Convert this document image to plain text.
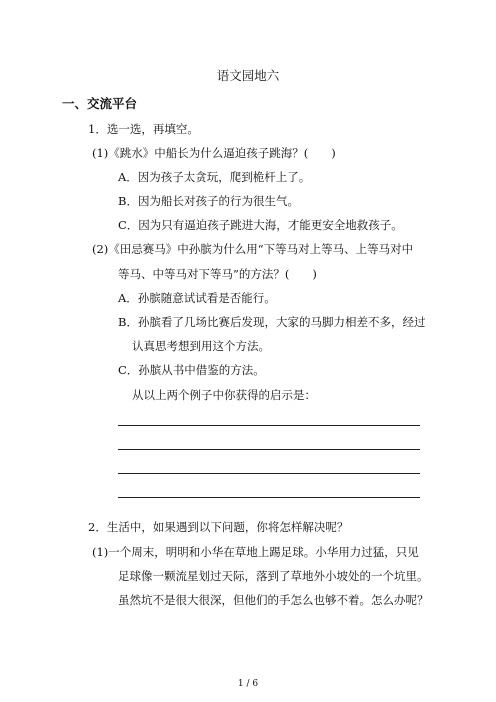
语文园地六
一、交流平台
1．选一选，再填空。
(1)《跳水》中船长为什么逼迫孩子跳海？(　　)
A．因为孩子太贪玩，爬到桅杆上了。
B．因为船长对孩子的行为很生气。
C．因为只有逼迫孩子跳进大海，才能更安全地救孩子。
(2)《田忌赛马》中孙膑为什么用“下等马对上等马、上等马对中
等马、中等马对下等马”的方法？(　　)
A．孙膑随意试试看是否能行。
B．孙膑看了几场比赛后发现，大家的马脚力相差不多，经过
认真思考想到用这个方法。
C．孙膑从书中借鉴的方法。
从以上两个例子中你获得的启示是：
2．生活中，如果遇到以下问题，你将怎样解决呢？
(1)一个周末，明明和小华在草地上踢足球。小华用力过猛，只见
足球像一颗流星划过天际，落到了草地外小坡处的一个坑里。
虽然坑不是很大很深，但他们的手怎么也够不着。怎么办呢？
1 / 6
